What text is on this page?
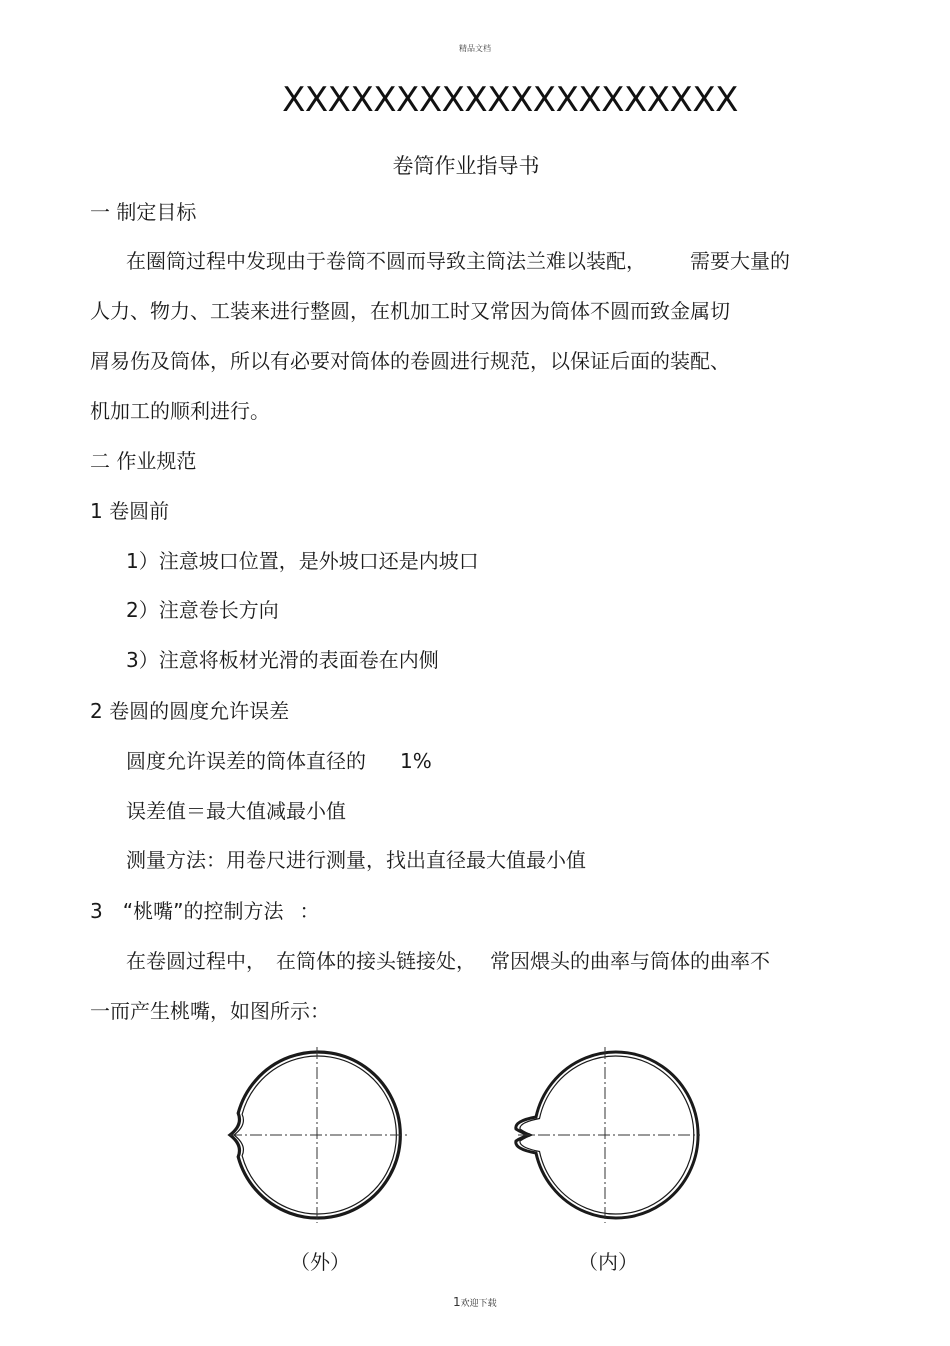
精品文档
XXXXXXXXXXXXXXXXXXXX
卷筒作业指导书
一 制定目标
在圈筒过程中发现由于卷筒不圆而导致主筒法兰难以装配， 需要大量的
人力、物力、工装来进行整圆，在机加工时又常因为筒体不圆而致金属切
屑易伤及筒体，所以有必要对筒体的卷圆进行规范，以保证后面的装配、
机加工的顺利进行。
二 作业规范
1 卷圆前
1）注意坡口位置，是外坡口还是内坡口
2）注意卷长方向
3）注意将板材光滑的表面卷在内侧
2 卷圆的圆度允许误差
圆度允许误差的筒体直径的 1%
误差值＝最大值减最小值
测量方法：用卷尺进行测量，找出直径最大值最小值
3 “桃嘴”的控制方法 ：
在卷圆过程中， 在筒体的接头链接处， 常因煨头的曲率与筒体的曲率不
一而产生桃嘴，如图所示：
（外）	（内）
1欢迎下载
